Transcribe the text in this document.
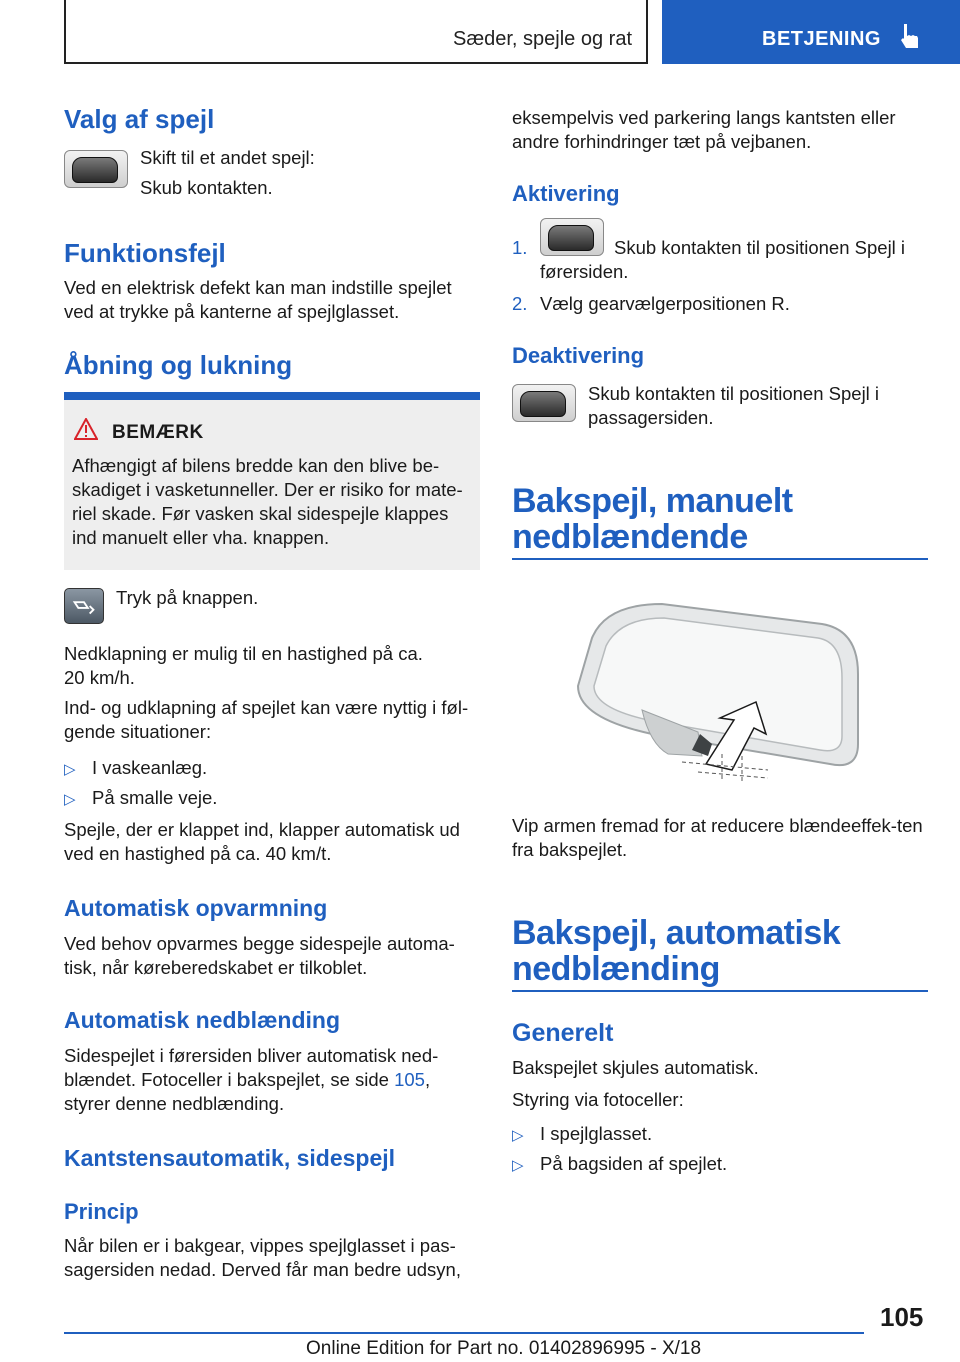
Sæder, spejle og rat	BETJENING
Valg af spejl
Skift til et andet spejl:
Skub kontakten.
Funktionsfejl
Ved en elektrisk defekt kan man indstille spejlet ved at trykke på kanterne af spejlglasset.
Åbning og lukning
BEMÆRK
Afhængigt af bilens bredde kan den blive be-skadiget i vasketunneller. Der er risiko for mate-riel skade. Før vasken skal sidespejle klappes ind manuelt eller vha. knappen.
Tryk på knappen.
Nedklapning er mulig til en hastighed på ca.
20 km/h.
Ind- og udklapning af spejlet kan være nyttig i føl-gende situationer:
▷ I vaskeanlæg.
▷ På smalle veje.
Spejle, der er klappet ind, klapper automatisk ud ved en hastighed på ca. 40 km/t.
Automatisk opvarmning
Ved behov opvarmes begge sidespejle automa-tisk, når køreberedskabet er tilkoblet.
Automatisk nedblænding
Sidespejlet i førersiden bliver automatisk ned-blændet. Fotoceller i bakspejlet, se side 105, styrer denne nedblænding.
Kantstensautomatik, sidespejl
Princip
Når bilen er i bakgear, vippes spejlglasset i pas-sagersiden nedad. Derved får man bedre udsyn,
eksempelvis ved parkering langs kantsten eller andre forhindringer tæt på vejbanen.
Aktivering
1.	Skub kontakten til positionen Spejl i førersiden.
2. Vælg gearvælgerpositionen R.
Deaktivering
Skub kontakten til positionen Spejl i passagersiden.
Bakspejl, manuelt
nedblændende
Vip armen fremad for at reducere blændeeffek-ten fra bakspejlet.
Bakspejl, automatisk
nedblænding
Generelt
Bakspejlet skjules automatisk.
Styring via fotoceller:
▷ I spejlglasset.
▷ På bagsiden af spejlet.
105
Online Edition for Part no. 01402896995 - X/18
